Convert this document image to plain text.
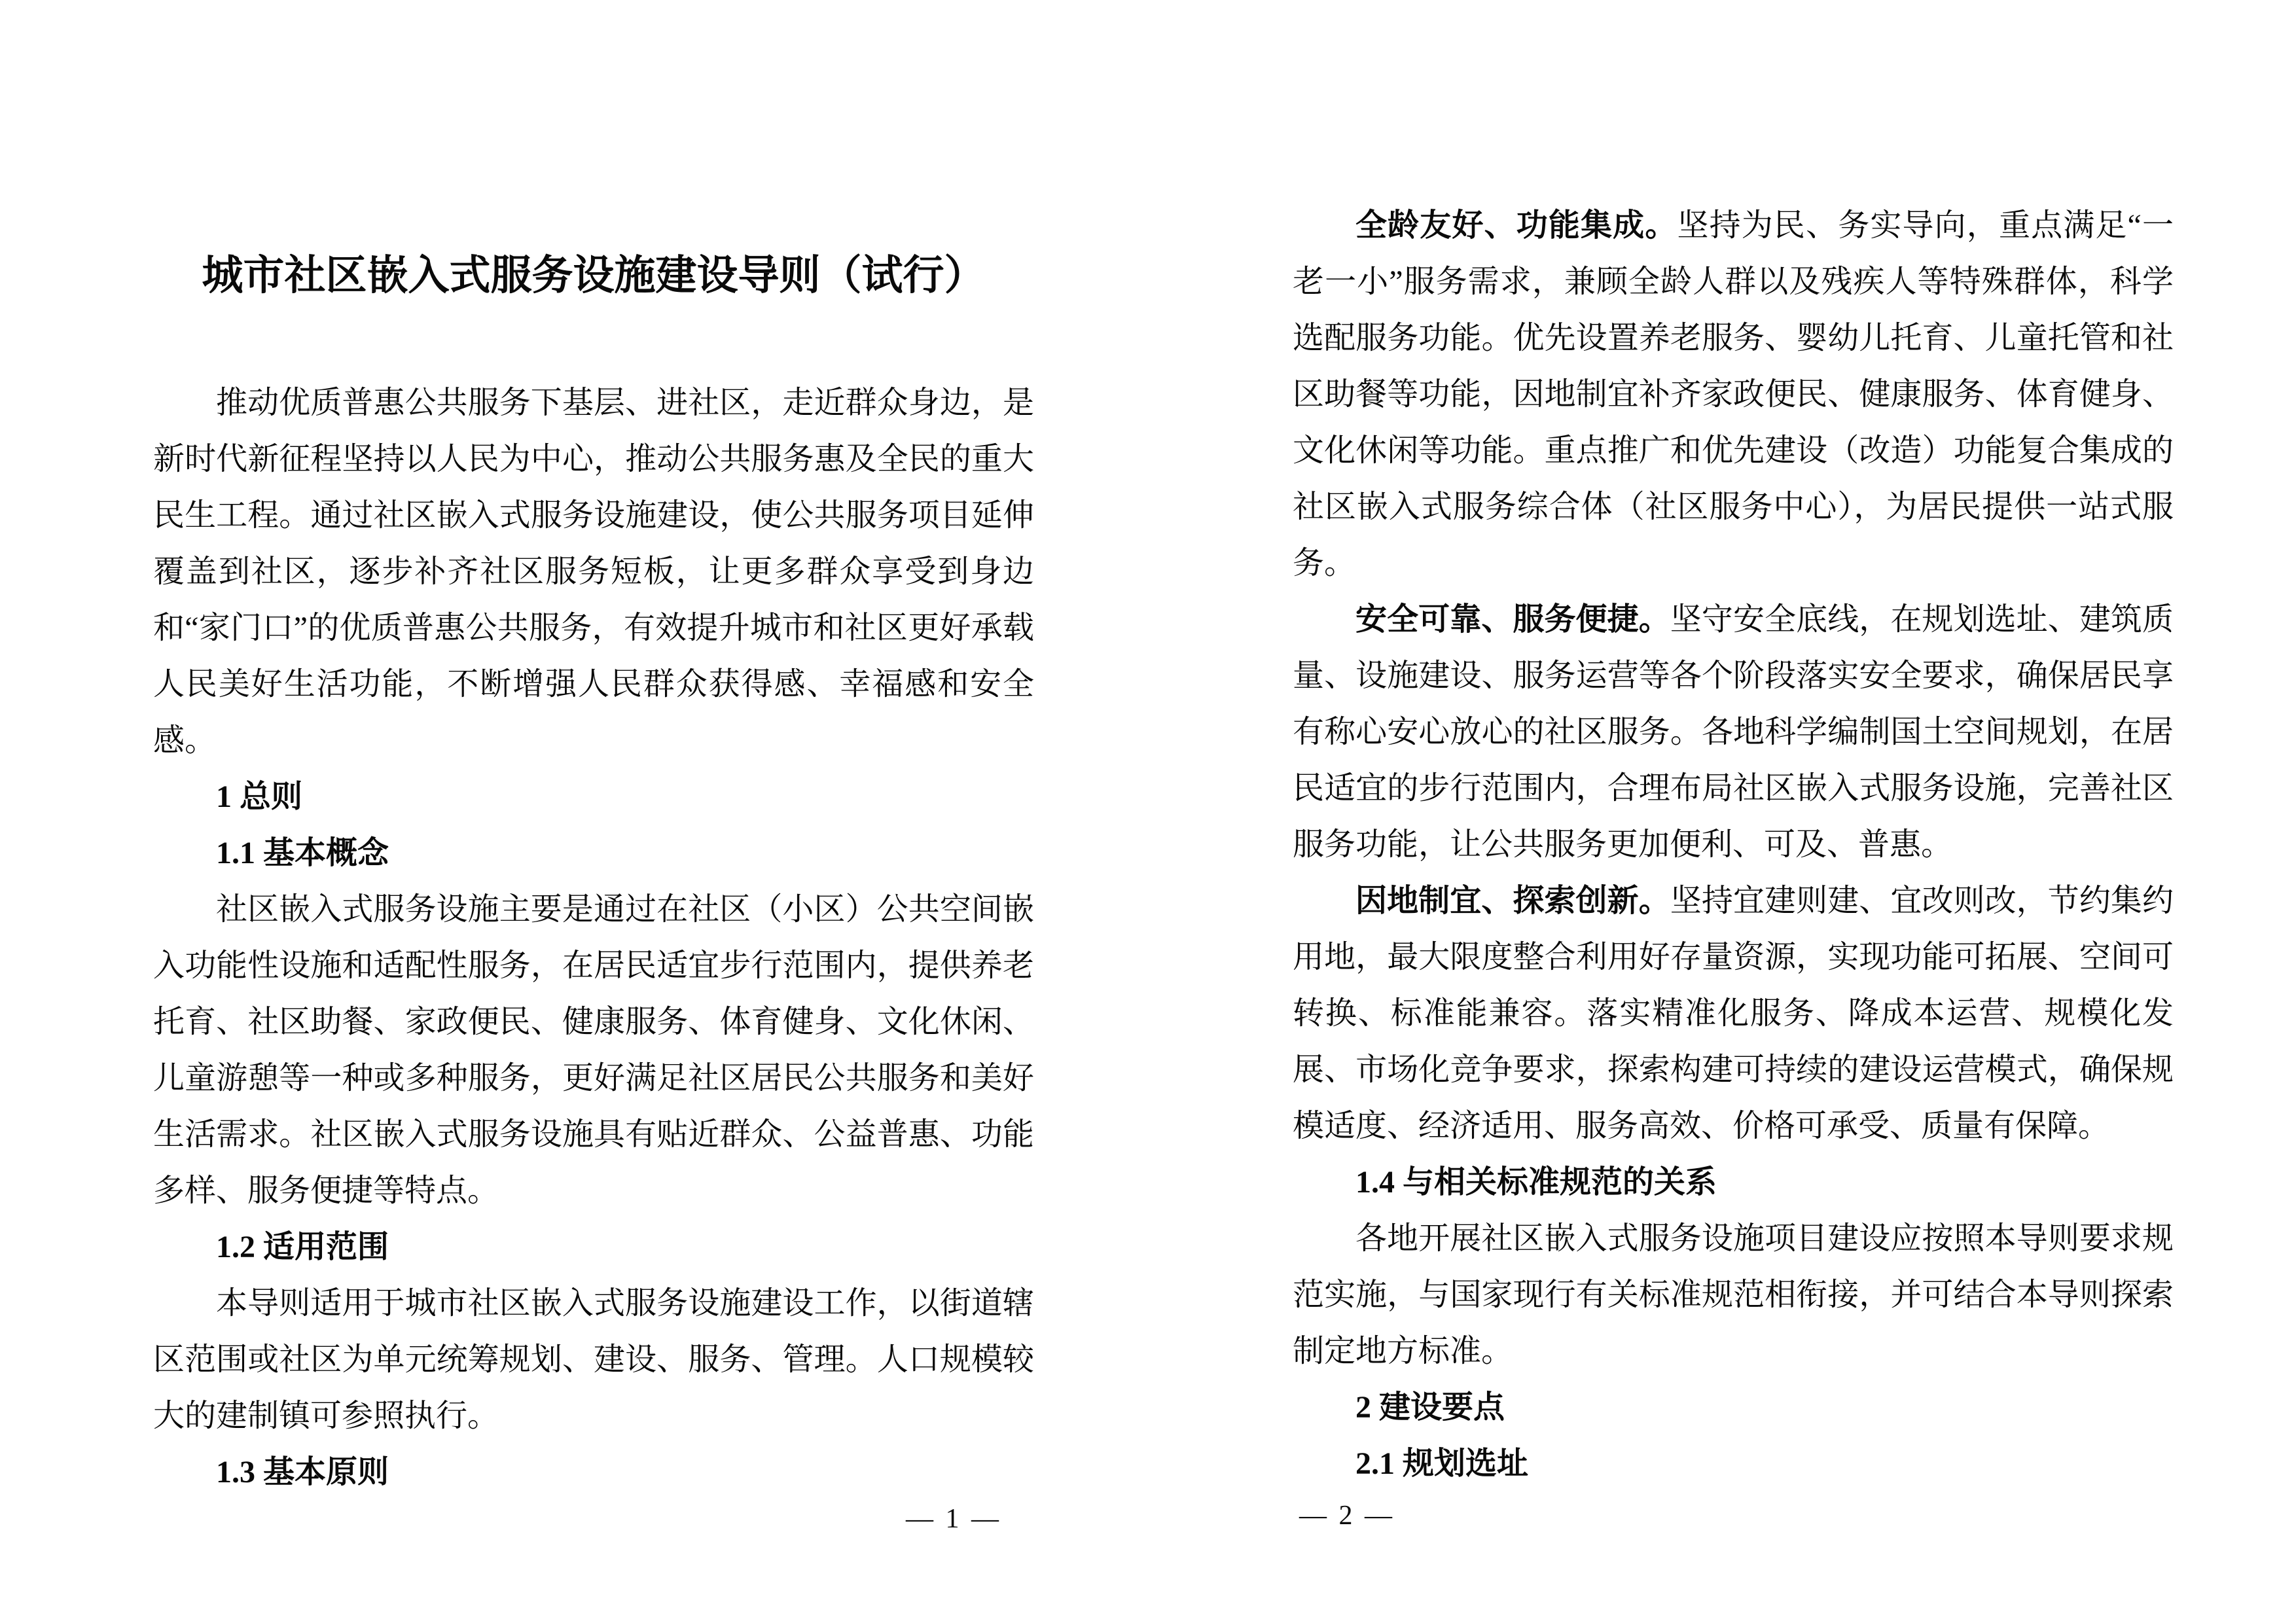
城市社区嵌入式服务设施建设导则（试行）
推动优质普惠公共服务下基层、进社区，走近群众身边，是新时代新征程坚持以人民为中心，推动公共服务惠及全民的重大民生工程。通过社区嵌入式服务设施建设，使公共服务项目延伸覆盖到社区，逐步补齐社区服务短板，让更多群众享受到身边和“家门口”的优质普惠公共服务，有效提升城市和社区更好承载人民美好生活功能，不断增强人民群众获得感、幸福感和安全感。
1 总则
1.1 基本概念
社区嵌入式服务设施主要是通过在社区（小区）公共空间嵌入功能性设施和适配性服务，在居民适宜步行范围内，提供养老托育、社区助餐、家政便民、健康服务、体育健身、文化休闲、儿童游憩等一种或多种服务，更好满足社区居民公共服务和美好生活需求。社区嵌入式服务设施具有贴近群众、公益普惠、功能多样、服务便捷等特点。
1.2 适用范围
本导则适用于城市社区嵌入式服务设施建设工作，以街道辖区范围或社区为单元统筹规划、建设、服务、管理。人口规模较大的建制镇可参照执行。
1.3 基本原则
— 1 —
全龄友好、功能集成。坚持为民、务实导向，重点满足“一老一小”服务需求，兼顾全龄人群以及残疾人等特殊群体，科学选配服务功能。优先设置养老服务、婴幼儿托育、儿童托管和社区助餐等功能，因地制宜补齐家政便民、健康服务、体育健身、文化休闲等功能。重点推广和优先建设（改造）功能复合集成的社区嵌入式服务综合体（社区服务中心），为居民提供一站式服务。
安全可靠、服务便捷。坚守安全底线，在规划选址、建筑质量、设施建设、服务运营等各个阶段落实安全要求，确保居民享有称心安心放心的社区服务。各地科学编制国土空间规划，在居民适宜的步行范围内，合理布局社区嵌入式服务设施，完善社区服务功能，让公共服务更加便利、可及、普惠。
因地制宜、探索创新。坚持宜建则建、宜改则改，节约集约用地，最大限度整合利用好存量资源，实现功能可拓展、空间可转换、标准能兼容。落实精准化服务、降成本运营、规模化发展、市场化竞争要求，探索构建可持续的建设运营模式，确保规模适度、经济适用、服务高效、价格可承受、质量有保障。
1.4 与相关标准规范的关系
各地开展社区嵌入式服务设施项目建设应按照本导则要求规范实施，与国家现行有关标准规范相衔接，并可结合本导则探索制定地方标准。
2 建设要点
2.1 规划选址
— 2 —
